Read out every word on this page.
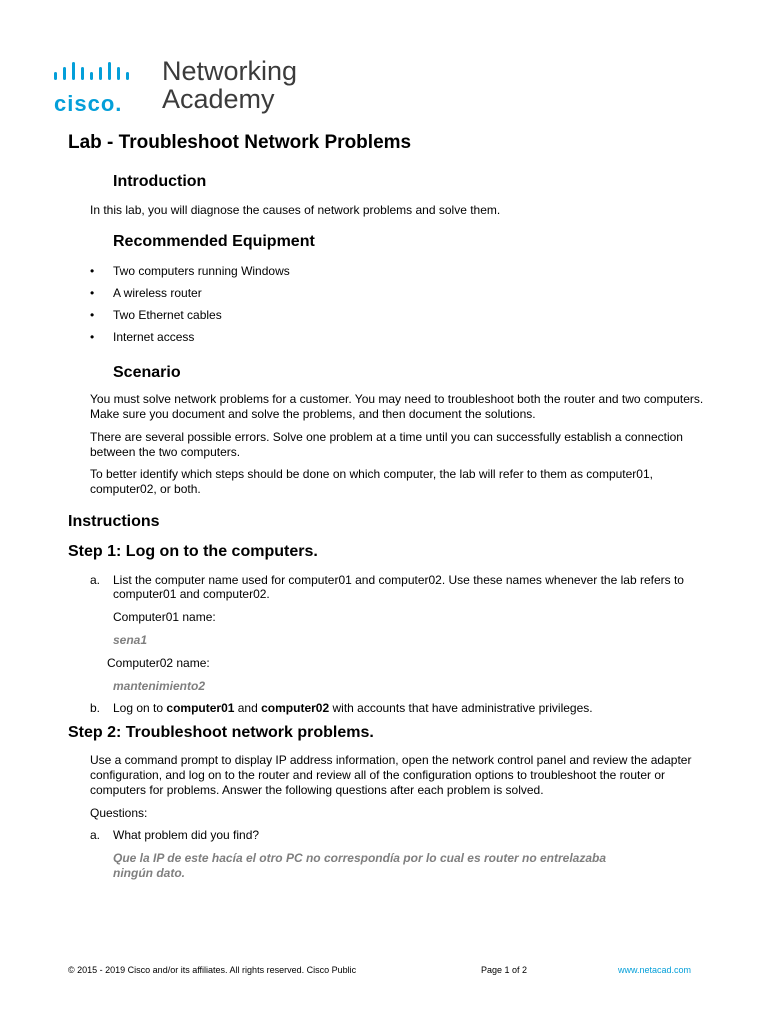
cisco.
Networking
Academy
Lab - Troubleshoot Network Problems
Introduction
In this lab, you will diagnose the causes of network problems and solve them.
Recommended Equipment
• Two computers running Windows
• A wireless router
• Two Ethernet cables
• Internet access
Scenario
You must solve network problems for a customer. You may need to troubleshoot both the router and two computers. Make sure you document and solve the problems, and then document the solutions.
There are several possible errors. Solve one problem at a time until you can successfully establish a connection between the two computers.
To better identify which steps should be done on which computer, the lab will refer to them as computer01, computer02, or both.
Instructions
Step 1: Log on to the computers.
a. List the computer name used for computer01 and computer02. Use these names whenever the lab refers to computer01 and computer02.
Computer01 name:
sena1
Computer02 name:
mantenimiento2
b. Log on to computer01 and computer02 with accounts that have administrative privileges.
Step 2: Troubleshoot network problems.
Use a command prompt to display IP address information, open the network control panel and review the adapter configuration, and log on to the router and review all of the configuration options to troubleshoot the router or computers for problems. Answer the following questions after each problem is solved.
Questions:
a. What problem did you find?
Que la IP de este hacía el otro PC no correspondía por lo cual es router no entrelazaba ningún dato.
© 2015 - 2019 Cisco and/or its affiliates. All rights reserved. Cisco Public	Page 1 of 2	www.netacad.com
